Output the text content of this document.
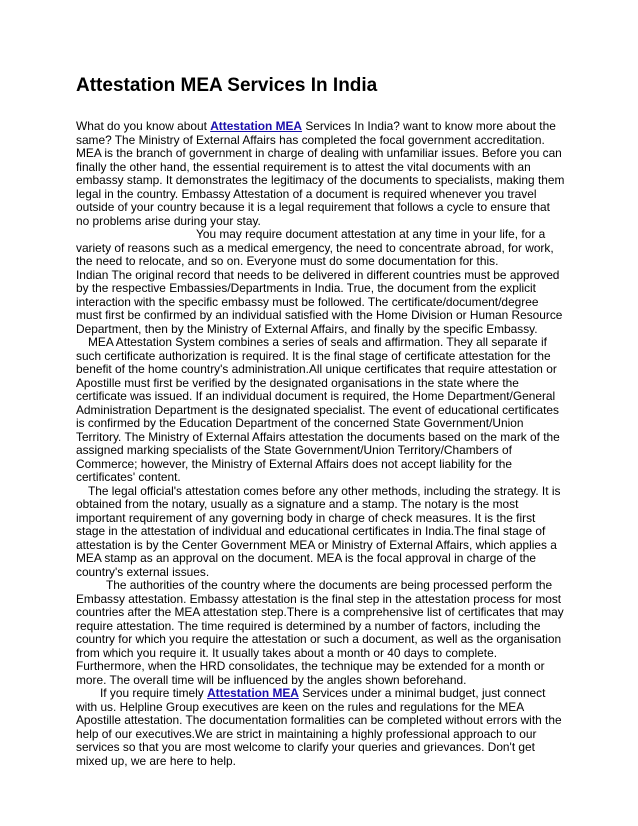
Attestation MEA Services In India

What do you know about Attestation MEA Services In India? want to know more about the same? The Ministry of External Affairs has completed the focal government accreditation. MEA is the branch of government in charge of dealing with unfamiliar issues. Before you can finally the other hand, the essential requirement is to attest the vital documents with an embassy stamp. It demonstrates the legitimacy of the documents to specialists, making them legal in the country. Embassy Attestation of a document is required whenever you travel outside of your country because it is a legal requirement that follows a cycle to ensure that no problems arise during your stay.

You may require document attestation at any time in your life, for a variety of reasons such as a medical emergency, the need to concentrate abroad, for work, the need to relocate, and so on. Everyone must do some documentation for this.

Indian The original record that needs to be delivered in different countries must be approved by the respective Embassies/Departments in India. True, the document from the explicit interaction with the specific embassy must be followed. The certificate/document/degree must first be confirmed by an individual satisfied with the Home Division or Human Resource Department, then by the Ministry of External Affairs, and finally by the specific Embassy.

MEA Attestation System combines a series of seals and affirmation. They all separate if such certificate authorization is required. It is the final stage of certificate attestation for the benefit of the home country's administration.All unique certificates that require attestation or Apostille must first be verified by the designated organisations in the state where the certificate was issued. If an individual document is required, the Home Department/General Administration Department is the designated specialist. The event of educational certificates is confirmed by the Education Department of the concerned State Government/Union Territory. The Ministry of External Affairs attestation the documents based on the mark of the assigned marking specialists of the State Government/Union Territory/Chambers of Commerce; however, the Ministry of External Affairs does not accept liability for the certificates' content.

The legal official's attestation comes before any other methods, including the strategy. It is obtained from the notary, usually as a signature and a stamp. The notary is the most important requirement of any governing body in charge of check measures. It is the first stage in the attestation of individual and educational certificates in India.The final stage of attestation is by the Center Government MEA or Ministry of External Affairs, which applies a MEA stamp as an approval on the document. MEA is the focal approval in charge of the country's external issues.

The authorities of the country where the documents are being processed perform the Embassy attestation. Embassy attestation is the final step in the attestation process for most countries after the MEA attestation step.There is a comprehensive list of certificates that may require attestation. The time required is determined by a number of factors, including the country for which you require the attestation or such a document, as well as the organisation from which you require it. It usually takes about a month or 40 days to complete. Furthermore, when the HRD consolidates, the technique may be extended for a month or more. The overall time will be influenced by the angles shown beforehand.

If you require timely Attestation MEA Services under a minimal budget, just connect with us. Helpline Group executives are keen on the rules and regulations for the MEA Apostille attestation. The documentation formalities can be completed without errors with the help of our executives.We are strict in maintaining a highly professional approach to our services so that you are most welcome to clarify your queries and grievances. Don't get mixed up, we are here to help.
